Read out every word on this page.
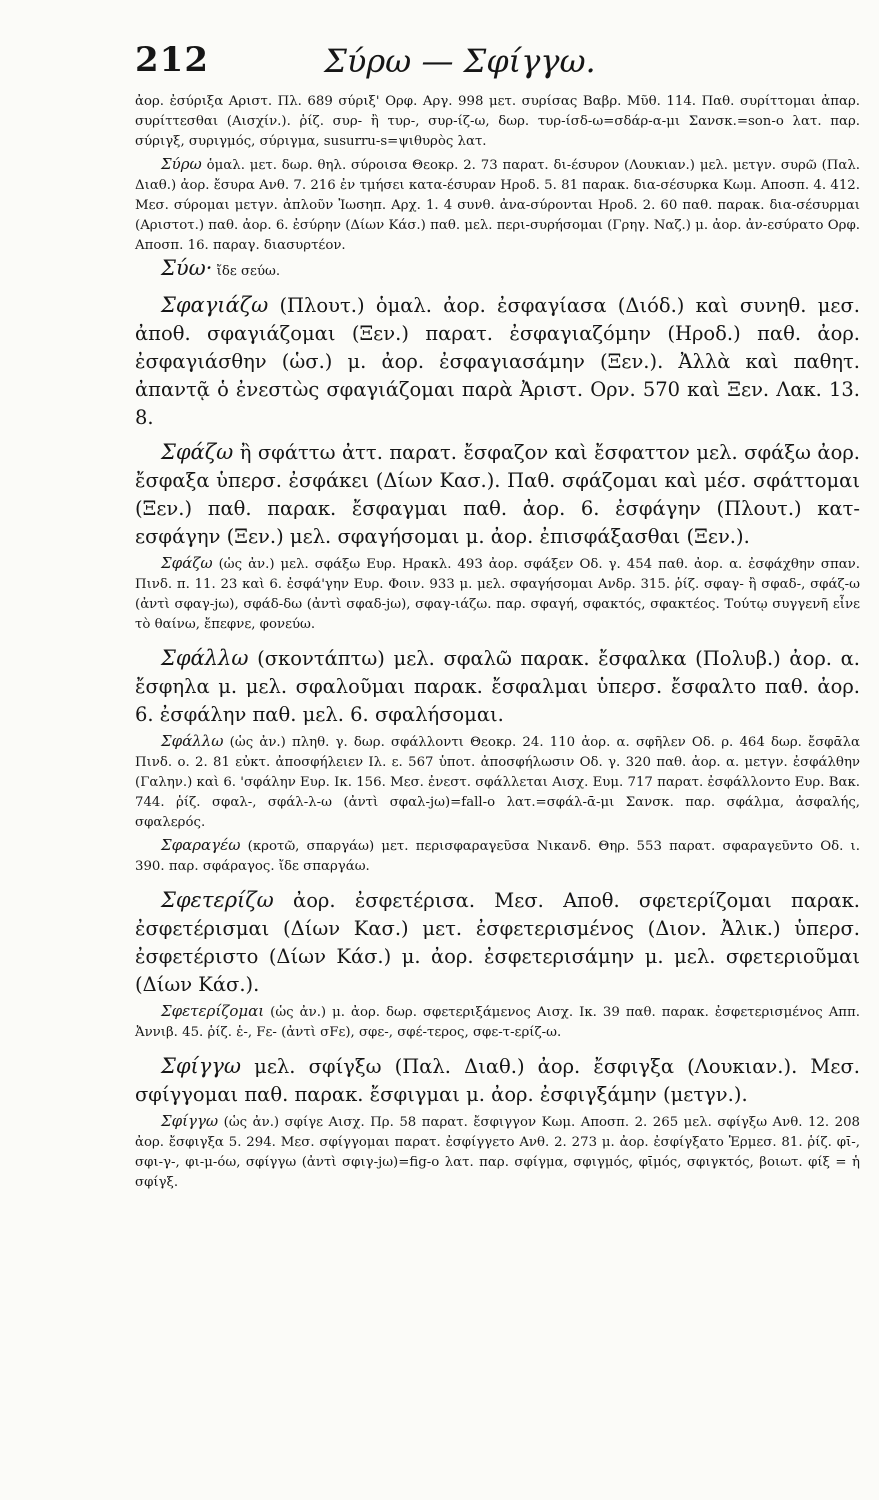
212	Σύρω — Σφίγγω.

ἀορ. ἐσύριξα Αριστ. Πλ. 689 σύριξ' Ορφ. Αργ. 998 μετ. συρίσας Βαβρ. Μῦθ. 114. Παθ. συρίττομαι ἀπαρ. συρίττεσθαι (Αισχίν.). ῥίζ. συρ- ἢ τυρ-, συρ-ίζ-ω, δωρ. τυρ-ίσδ-ω=σδάρ-α-μι Σανσκ.=son-o λατ. παρ. σύριγξ, συριγμός, σύριγμα, susurru-s=ψιθυρὸς λατ.

Σύρω ὁμαλ. μετ. δωρ. θηλ. σύροισα Θεοκρ. 2. 73 παρατ. δι-έσυρον (Λουκιαν.) μελ. μετγν. συρῶ (Παλ. Διαθ.) ἀορ. ἔσυρα Ανθ. 7. 216 ἐν τμήσει κατα-έσυραν Ηροδ. 5. 81 παρακ. δια-σέσυρκα Κωμ. Αποσπ. 4. 412. Μεσ. σύρομαι μετγν. ἀπλοῦν Ἰωσηπ. Αρχ. 1. 4 συνθ. ἀνα-σύρονται Ηροδ. 2. 60 παθ. παρακ. δια-σέσυρμαι (Αριστοτ.) παθ. ἀορ. 6. ἐσύρην (Δίων Κάσ.) παθ. μελ. περι-συρήσομαι (Γρηγ. Ναζ.) μ. ἀορ. ἀν-εσύρατο Ορφ. Αποσπ. 16. παραγ. διασυρτέον.

Σύω· ἴδε σεύω.

Σφαγιάζω (Πλουτ.) ὁμαλ. ἀορ. ἐσφαγίασα (Διόδ.) καὶ συνηθ. μεσ. ἀποθ. σφαγιάζομαι (Ξεν.) παρατ. ἐσφαγιαζόμην (Ηροδ.) παθ. ἀορ. ἐσφαγιάσθην (ὡσ.) μ. ἀορ. ἐσφαγιασάμην (Ξεν.). Ἀλλὰ καὶ παθητ. ἀπαντᾷ ὁ ἐνεστὼς σφαγιάζομαι παρὰ Ἀριστ. Ορν. 570 καὶ Ξεν. Λακ. 13. 8.

Σφάζω ἢ σφάττω ἀττ. παρατ. ἔσφαζον καὶ ἔσφαττον μελ. σφάξω ἀορ. ἔσφαξα ὑπερσ. ἐσφάκει (Δίων Κασ.). Παθ. σφάζομαι καὶ μέσ. σφάττομαι (Ξεν.) παθ. παρακ. ἔσφαγμαι παθ. ἀορ. 6. ἐσφάγην (Πλουτ.) κατ-εσφάγην (Ξεν.) μελ. σφαγήσομαι μ. ἀορ. ἐπισφάξασθαι (Ξεν.).

Σφάζω (ὡς ἀν.) μελ. σφάξω Ευρ. Ηρακλ. 493 ἀορ. σφάξεν Οδ. γ. 454 παθ. ἀορ. α. ἐσφάχθην σπαν. Πινδ. π. 11. 23 καὶ 6. ἐσφά'γην Ευρ. Φοιν. 933 μ. μελ. σφαγήσομαι Ανδρ. 315. ῥίζ. σφαγ- ἢ σφαδ-, σφάζ-ω (ἀντὶ σφαγ-jω), σφάδ-δω (ἀντὶ σφαδ-jω), σφαγ-ιάζω. παρ. σφαγή, σφακτός, σφακτέος. Τούτῳ συγγενῆ εἶνε τὸ θαίνω, ἔπεφνε, φονεύω.

Σφάλλω (σκοντάπτω) μελ. σφαλῶ παρακ. ἔσφαλκα (Πολυβ.) ἀορ. α. ἔσφηλα μ. μελ. σφαλοῦμαι παρακ. ἔσφαλμαι ὑπερσ. ἔσφαλτο παθ. ἀορ. 6. ἐσφάλην παθ. μελ. 6. σφαλήσομαι.

Σφάλλω (ὡς ἀν.) πληθ. γ. δωρ. σφάλλοντι Θεοκρ. 24. 110 ἀορ. α. σφῆλεν Οδ. ρ. 464 δωρ. ἔσφᾱλα Πινδ. ο. 2. 81 εὐκτ. ἀποσφήλειεν Ιλ. ε. 567 ὑποτ. ἀποσφήλωσιν Οδ. γ. 320 παθ. ἀορ. α. μετγν. ἐσφάλθην (Γαλην.) καὶ 6. 'σφάλην Ευρ. Ικ. 156. Μεσ. ἐνεστ. σφάλλεται Αισχ. Ευμ. 717 παρατ. ἐσφάλλοντο Ευρ. Βακ. 744. ῥίζ. σφαλ-, σφάλ-λ-ω (ἀντὶ σφαλ-jω)=fall-o λατ.=σφάλ-ᾱ-μι Σανσκ. παρ. σφάλμα, ἀσφαλής, σφαλερός.

Σφαραγέω (κροτῶ, σπαργάω) μετ. περισφαραγεῦσα Νικανδ. Θηρ. 553 παρατ. σφαραγεῦντο Οδ. ι. 390. παρ. σφάραγος. ἴδε σπαργάω.

Σφετερίζω ἀορ. ἐσφετέρισα. Μεσ. Αποθ. σφετερίζομαι παρακ. ἐσφετέρισμαι (Δίων Κασ.) μετ. ἐσφετερισμένος (Διον. Ἀλικ.) ὑπερσ. ἐσφετέριστο (Δίων Κάσ.) μ. ἀορ. ἐσφετερισάμην μ. μελ. σφετεριοῦμαι (Δίων Κάσ.).

Σφετερίζομαι (ὡς ἀν.) μ. ἀορ. δωρ. σφετεριξάμενος Αισχ. Ικ. 39 παθ. παρακ. ἐσφετερισμένος Αππ. Ἀννιβ. 45. ῥίζ. ἑ-, Fε- (ἀντὶ σFε), σφε-, σφέ-τερος, σφε-τ-ερίζ-ω.

Σφίγγω μελ. σφίγξω (Παλ. Διαθ.) ἀορ. ἔσφιγξα (Λουκιαν.). Μεσ. σφίγγομαι παθ. παρακ. ἔσφιγμαι μ. ἀορ. ἐσφιγξάμην (μετγν.).

Σφίγγω (ὡς ἀν.) σφίγε Αισχ. Πρ. 58 παρατ. ἔσφιγγον Κωμ. Αποσπ. 2. 265 μελ. σφίγξω Ανθ. 12. 208 ἀορ. ἔσφιγξα 5. 294. Μεσ. σφίγγομαι παρατ. ἐσφίγγετο Ανθ. 2. 273 μ. ἀορ. ἐσφίγξατο Ἑρμεσ. 81. ῥίζ. φῑ-, σφι-γ-, φι-μ-όω, σφίγγω (ἀντὶ σφιγ-jω)=fig-o λατ. παρ. σφίγμα, σφιγμός, φῑμός, σφιγκτός, βοιωτ. φίξ = ἡ σφίγξ.
